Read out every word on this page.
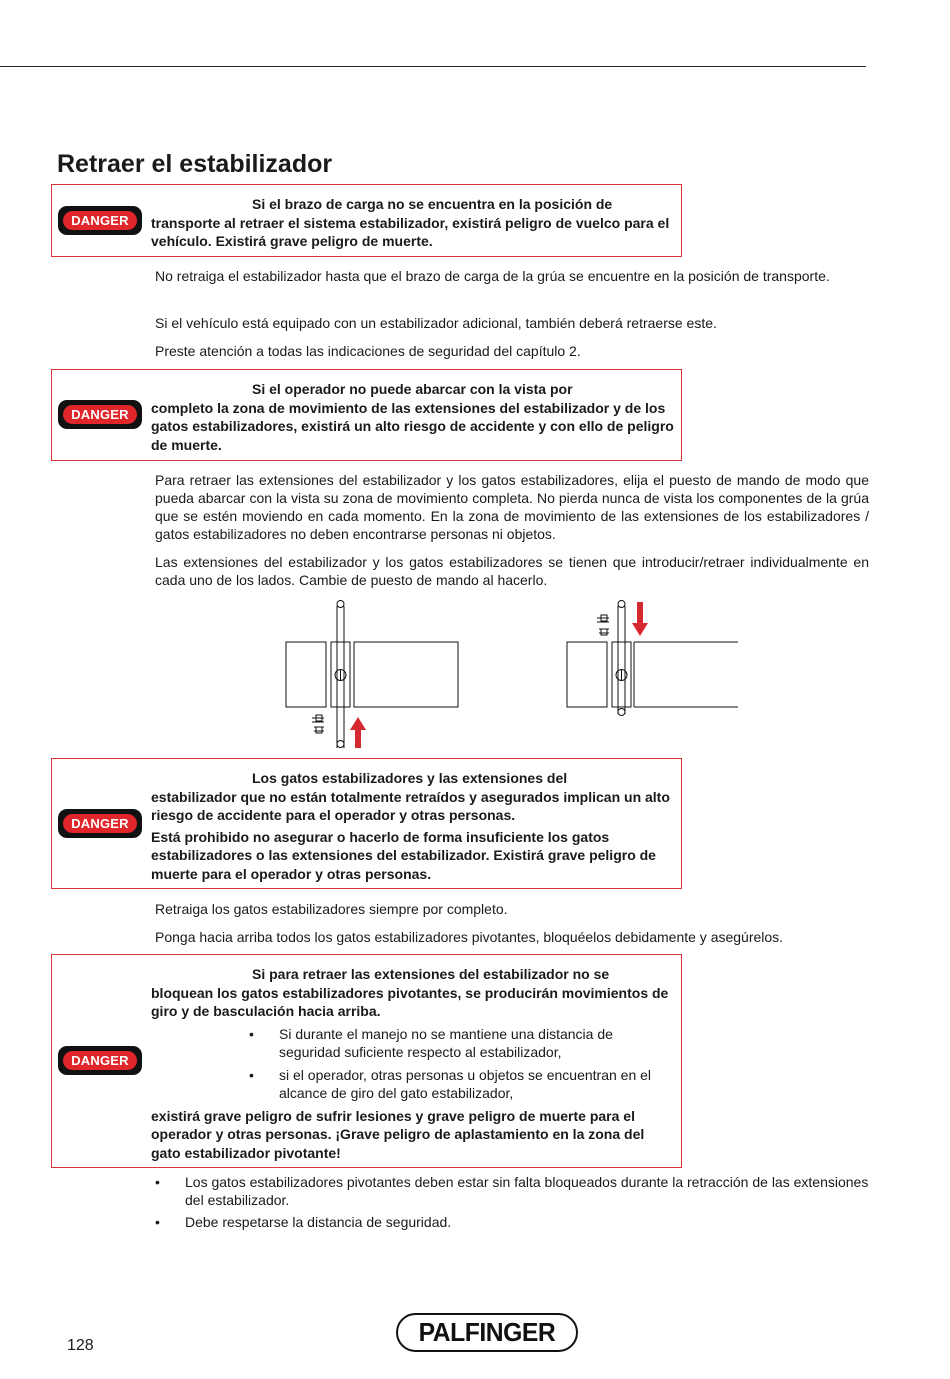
Retraer el estabilizador
DANGER
Si el brazo de carga no se encuentra en la posición de
transporte al retraer el sistema estabilizador, existirá peligro de vuelco para el vehículo. Existirá grave peligro de muerte.

No retraiga el estabilizador hasta que el brazo de carga de la grúa se encuentre en la posición de transporte.

Si el vehículo está equipado con un estabilizador adicional, también deberá retraerse este.

Preste atención a todas las indicaciones de seguridad del capítulo 2.

DANGER
Si el operador no puede abarcar con la vista por
completo la zona de movimiento de las extensiones del estabilizador y de los gatos estabilizadores, existirá un alto riesgo de accidente y con ello de peligro de muerte.

Para retraer las extensiones del estabilizador y los gatos estabilizadores, elija el puesto de mando de modo que pueda abarcar con la vista su zona de movimiento completa. No pierda nunca de vista los componentes de la grúa que se estén moviendo en cada momento. En la zona de movimiento de las extensiones de los estabilizadores / gatos estabilizadores no deben encontrarse personas ni objetos.

Las extensiones del estabilizador y los gatos estabilizadores se tienen que introducir/retraer individualmente en cada uno de los lados. Cambie de puesto de mando al hacerlo.

DANGER

Los gatos estabilizadores y las extensiones del
estabilizador que no están totalmente retraídos y asegurados implican un alto riesgo de accidente para el operador y otras personas.

Está prohibido no asegurar o hacerlo de forma insuficiente los gatos estabilizadores o las extensiones del estabilizador. Existirá grave peligro de muerte para el operador y otras personas.

Retraiga los gatos estabilizadores siempre por completo.

Ponga hacia arriba todos los gatos estabilizadores pivotantes, bloquéelos debidamente y asegúrelos.

DANGER

Si para retraer las extensiones del estabilizador no se
bloquean los gatos estabilizadores pivotantes, se producirán movimientos de giro y de basculación hacia arriba.

• Si durante el manejo no se mantiene una distancia de seguridad suficiente respecto al estabilizador,
• si el operador, otras personas u objetos se encuentran en el alcance de giro del gato estabilizador,

existirá grave peligro de sufrir lesiones y grave peligro de muerte para el operador y otras personas. ¡Grave peligro de aplastamiento en la zona del gato estabilizador pivotante!

• Los gatos estabilizadores pivotantes deben estar sin falta bloqueados durante la retracción de las extensiones del estabilizador.
• Debe respetarse la distancia de seguridad.
128	PALFINGER
